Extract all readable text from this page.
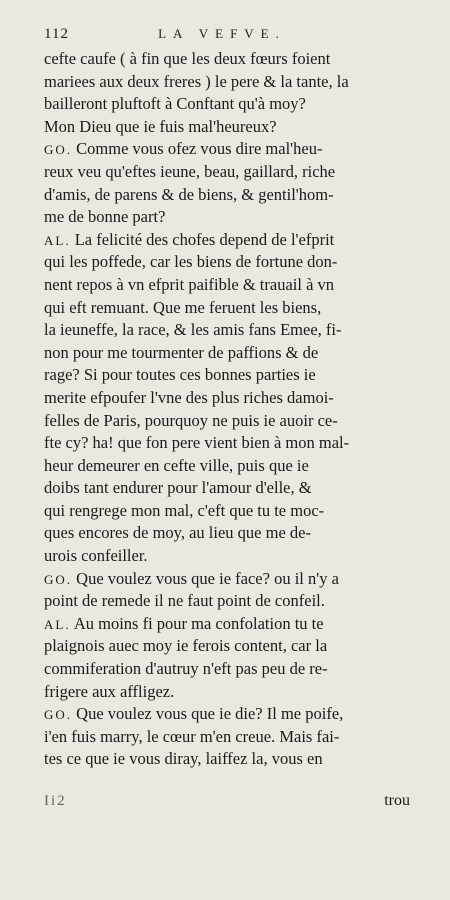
112	LA VEFVE.
cefte caufe ( à fin que les deux fœurs foient
mariees aux deux freres ) le pere & la tante, la
bailleront pluftoft à Conftant qu'à moy?
Mon Dieu que ie fuis mal'heureux?
GO. Comme vous ofez vous dire mal'heu-
reux veu qu'eftes ieune, beau, gaillard, riche
d'amis, de parens & de biens, & gentil'hom-
me de bonne part?
AL. La felicité des chofes depend de l'efprit
qui les poffede, car les biens de fortune don-
nent repos à vn efprit paifible & trauail à vn
qui eft remuant. Que me feruent les biens,
la ieuneffe, la race, & les amis fans Emee, fi-
non pour me tourmenter de paffions & de
rage? Si pour toutes ces bonnes parties ie
merite efpoufer l'vne des plus riches damoi-
felles de Paris, pourquoy ne puis ie auoir ce-
fte cy? ha! que fon pere vient bien à mon mal-
heur demeurer en cefte ville, puis que ie
doibs tant endurer pour l'amour d'elle, &
qui rengrege mon mal, c'eft que tu te moc-
ques encores de moy, au lieu que me de-
urois confeiller.
GO. Que voulez vous que ie face? ou il n'y a
point de remede il ne faut point de confeil.
AL. Au moins fi pour ma confolation tu te
plaignois auec moy ie ferois content, car la
commiferation d'autruy n'eft pas peu de re-
frigere aux affligez.
GO. Que voulez vous que ie die? Il me poife,
i'en fuis marry, le cœur m'en creue. Mais fai-
tes ce que ie vous diray, laiffez la, vous en
Ii2	trou
